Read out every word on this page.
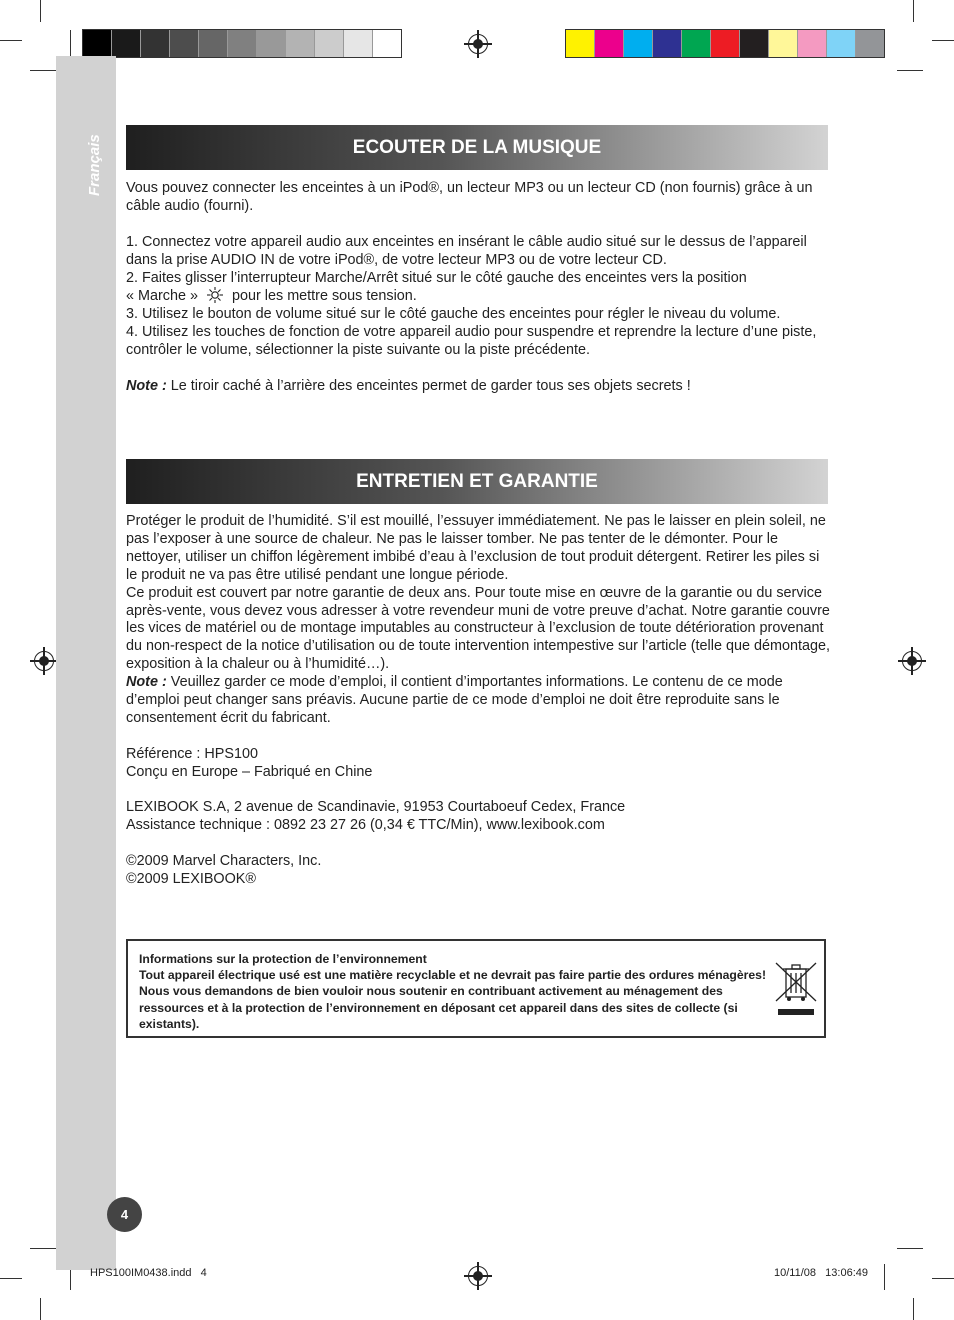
Français	ECOUTER DE LA MUSIQUE

Vous pouvez connecter les enceintes à un iPod®, un lecteur MP3 ou un lecteur CD (non fournis) grâce à un câble audio (fourni).

1. Connectez votre appareil audio aux enceintes en insérant le câble audio situé sur le dessus de l’appareil dans la prise AUDIO IN de votre iPod®, de votre lecteur MP3 ou de votre lecteur CD.

2. Faites glisser l’interrupteur Marche/Arrêt situé sur le côté gauche des enceintes vers la position

« Marche » pour les mettre sous tension.

3. Utilisez le bouton de volume situé sur le côté gauche des enceintes pour régler le niveau du volume.

4. Utilisez les touches de fonction de votre appareil audio pour suspendre et reprendre la lecture d’une piste, contrôler le volume, sélectionner la piste suivante ou la piste précédente.

Note : Le tiroir caché à l’arrière des enceintes permet de garder tous ses objets secrets !

ENTRETIEN ET GARANTIE

Protéger le produit de l’humidité. S’il est mouillé, l’essuyer immédiatement. Ne pas le laisser en plein soleil, ne pas l’exposer à une source de chaleur. Ne pas le laisser tomber. Ne pas tenter de le démonter. Pour le nettoyer, utiliser un chiffon légèrement imbibé d’eau à l’exclusion de tout produit détergent. Retirer les piles si le produit ne va pas être utilisé pendant une longue période.

Ce produit est couvert par notre garantie de deux ans. Pour toute mise en œuvre de la garantie ou du service après-vente, vous devez vous adresser à votre revendeur muni de votre preuve d’achat. Notre garantie couvre les vices de matériel ou de montage imputables au constructeur à l’exclusion de toute détérioration provenant du non-respect de la notice d’utilisation ou de toute intervention intempestive sur l’article (telle que démontage, exposition à la chaleur ou à l’humidité…).

Note : Veuillez garder ce mode d’emploi, il contient d’importantes informations. Le contenu de ce mode d’emploi peut changer sans préavis. Aucune partie de ce mode d’emploi ne doit être reproduite sans le consentement écrit du fabricant.

Référence : HPS100

Conçu en Europe – Fabriqué en Chine

LEXIBOOK S.A, 2 avenue de Scandinavie, 91953 Courtaboeuf Cedex, France

Assistance technique : 0892 23 27 26 (0,34 € TTC/Min), www.lexibook.com

©2009 Marvel Characters, Inc.

©2009 LEXIBOOK®

Informations sur la protection de l’environnement
Tout appareil électrique usé est une matière recyclable et ne devrait pas faire partie des ordures ménagères! Nous vous demandons de bien vouloir nous soutenir en contribuant activement au ménagement des ressources et à la protection de l’environnement en déposant cet appareil dans des sites de collecte (si existants).
4
HPS100IM0438.indd   4	10/11/08   13:06:49
